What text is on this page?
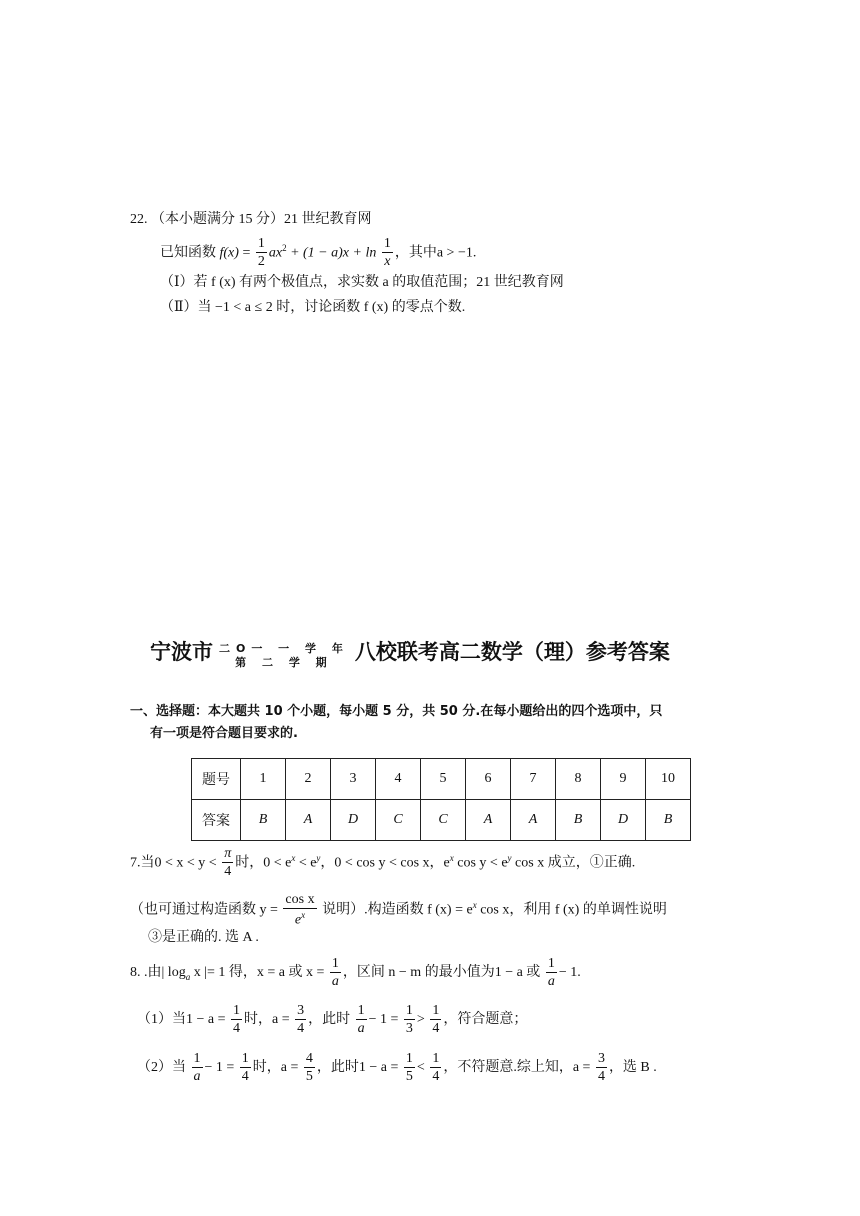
22. （本小题满分 15 分）21 世纪教育网
已知函数 $f(x) = \frac{1}{2} ax^2 + (1 - a)x + \ln \frac{1}{x}$ ，其中a > −1.
（Ⅰ）若 f (x) 有两个极值点，求实数 a 的取值范围；21 世纪教育网
（Ⅱ）当 −1 < a ≤ 2 时，讨论函数 f (x) 的零点个数.
宁波市 二O一 一 学 年
第 二 学 期	八校联考高二数学（理）参考答案
一、选择题：本大题共 10 个小题，每小题 5 分，共 50 分.在每小题给出的四个选项中，只
有一项是符合题目要求的.
题号	1	2	3	4	5	6	7	8	9	10
答案	B	A	D	C	C	A	A	B	D	B
7.当$0 < x < y < \frac{\pi}{4}$ 时，$0 < e^x < e^y$，0 < cos y < cos x，$e^x$ $\cos y < e^y$ cos x 成立，①正确.
（也可通过构造函数 $y = \frac{\text{cos x}}{e^x}$ 说明）.构造函数 f $(x) = e^x$ cos x，利用 f (x) 的单调性说明
③是正确的. 选 A .
8. .由| $\log_a x$ |= 1 得，x = a 或 $x = \frac{1}{a}$ ，区间 n − m 的最小值为1 − a 或 $\frac{1}{a} - 1$.
（1）当$1 - a = \frac{1}{4}$ 时，$a = \frac{3}{4}$ ，此时 $\frac{1}{a} - 1 = \frac{1}{3} > \frac{1}{4}$ ，符合题意；
（2）当 $\frac{1}{a} - 1 = \frac{1}{4}$ 时，$a = \frac{4}{5}$ ，此时$1 - a = \frac{1}{5} < \frac{1}{4}$ ，不符题意.综上知，$a = \frac{3}{4}$ ，选 B .
